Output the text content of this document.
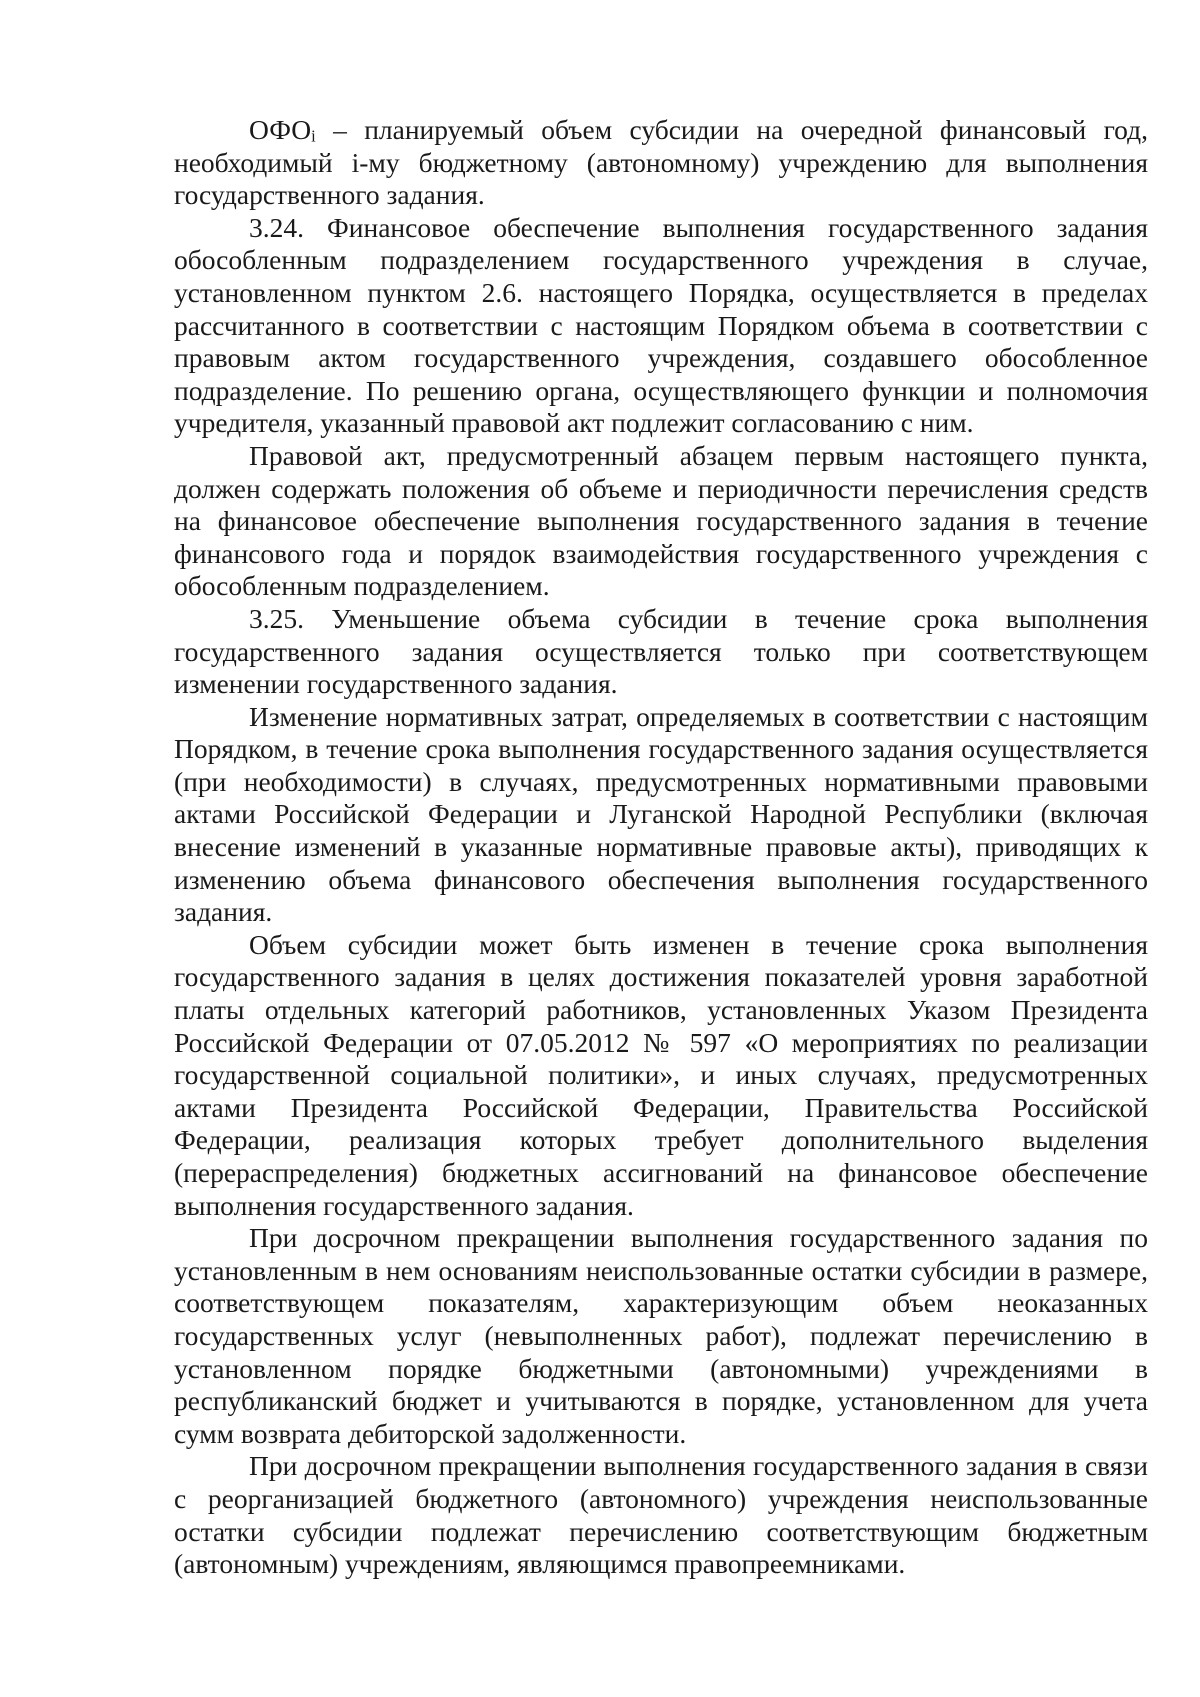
ОФОi – планируемый объем субсидии на очередной финансовый год, необходимый i-му бюджетному (автономному) учреждению для выполнения государственного задания.

3.24. Финансовое обеспечение выполнения государственного задания обособленным подразделением государственного учреждения в случае, установленном пунктом 2.6. настоящего Порядка, осуществляется в пределах рассчитанного в соответствии с настоящим Порядком объема в соответствии с правовым актом государственного учреждения, создавшего обособленное подразделение. По решению органа, осуществляющего функции и полномочия учредителя, указанный правовой акт подлежит согласованию с ним.

Правовой акт, предусмотренный абзацем первым настоящего пункта, должен содержать положения об объеме и периодичности перечисления средств на финансовое обеспечение выполнения государственного задания в течение финансового года и порядок взаимодействия государственного учреждения с обособленным подразделением.

3.25. Уменьшение объема субсидии в течение срока выполнения государственного задания осуществляется только при соответствующем изменении государственного задания.

Изменение нормативных затрат, определяемых в соответствии с настоящим Порядком, в течение срока выполнения государственного задания осуществляется (при необходимости) в случаях, предусмотренных нормативными правовыми актами Российской Федерации и Луганской Народной Республики (включая внесение изменений в указанные нормативные правовые акты), приводящих к изменению объема финансового обеспечения выполнения государственного задания.

Объем субсидии может быть изменен в течение срока выполнения государственного задания в целях достижения показателей уровня заработной платы отдельных категорий работников, установленных Указом Президента Российской Федерации от 07.05.2012 № 597 «О мероприятиях по реализации государственной социальной политики», и иных случаях, предусмотренных актами Президента Российской Федерации, Правительства Российской Федерации, реализация которых требует дополнительного выделения (перераспределения) бюджетных ассигнований на финансовое обеспечение выполнения государственного задания.

При досрочном прекращении выполнения государственного задания по установленным в нем основаниям неиспользованные остатки субсидии в размере, соответствующем показателям, характеризующим объем неоказанных государственных услуг (невыполненных работ), подлежат перечислению в установленном порядке бюджетными (автономными) учреждениями в республиканский бюджет и учитываются в порядке, установленном для учета сумм возврата дебиторской задолженности.

При досрочном прекращении выполнения государственного задания в связи с реорганизацией бюджетного (автономного) учреждения неиспользованные остатки субсидии подлежат перечислению соответствующим бюджетным (автономным) учреждениям, являющимся правопреемниками.
